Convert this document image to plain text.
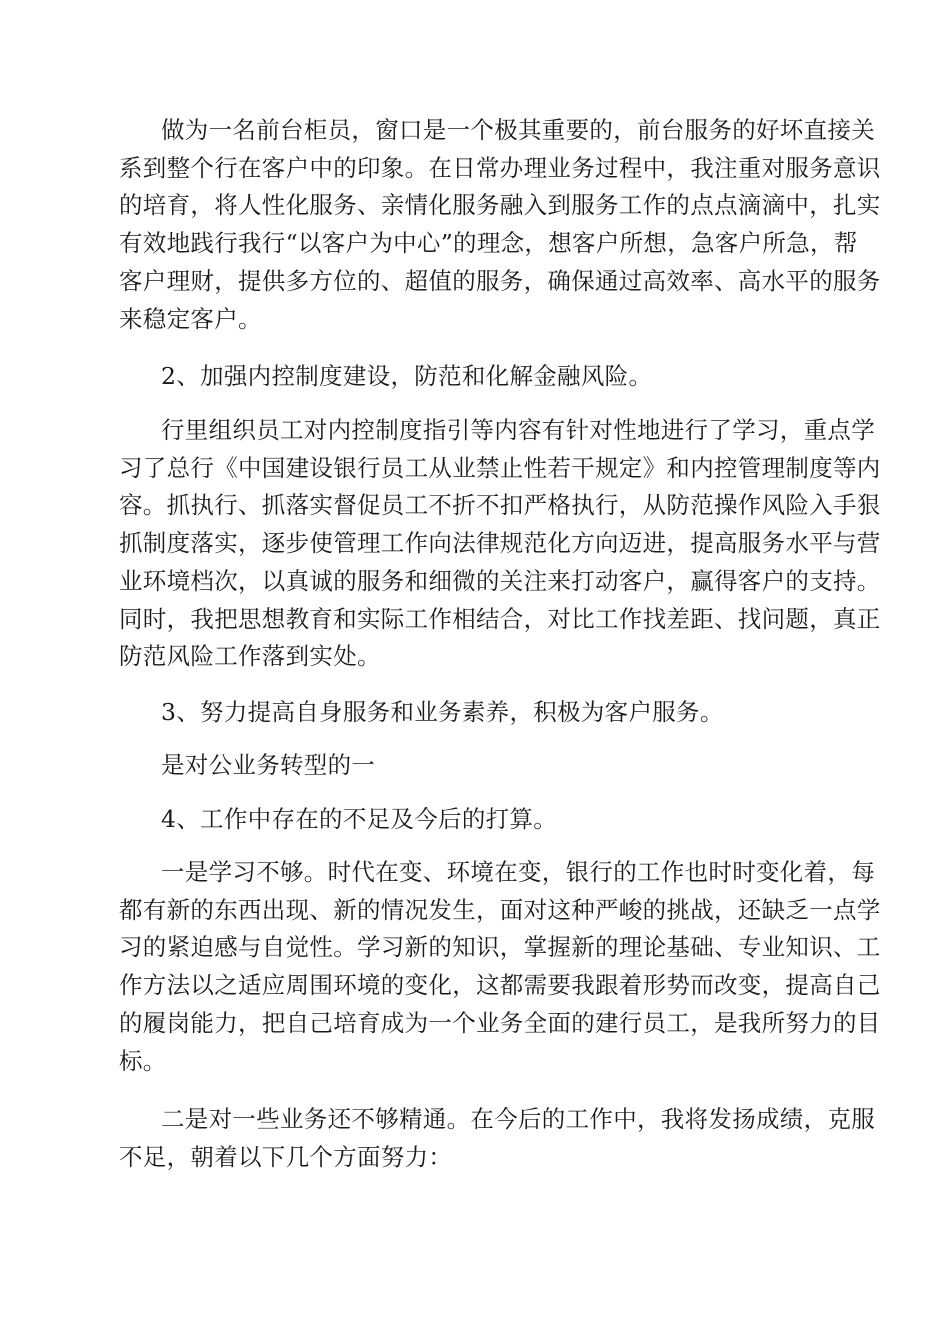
做为一名前台柜员，窗口是一个极其重要的，前台服务的好坏直接关
系到整个行在客户中的印象。在日常办理业务过程中，我注重对服务意识
的培育，将人性化服务、亲情化服务融入到服务工作的点点滴滴中，扎实
有效地践行我行“以客户为中心”的理念，想客户所想，急客户所急，帮
客户理财，提供多方位的、超值的服务，确保通过高效率、高水平的服务
来稳定客户。

2、加强内控制度建设，防范和化解金融风险。

行里组织员工对内控制度指引等内容有针对性地进行了学习，重点学
习了总行《中国建设银行员工从业禁止性若干规定》和内控管理制度等内
容。抓执行、抓落实督促员工不折不扣严格执行，从防范操作风险入手狠
抓制度落实，逐步使管理工作向法律规范化方向迈进，提高服务水平与营
业环境档次，以真诚的服务和细微的关注来打动客户，赢得客户的支持。
同时，我把思想教育和实际工作相结合，对比工作找差距、找问题，真正
防范风险工作落到实处。

3、努力提高自身服务和业务素养，积极为客户服务。

是对公业务转型的一

4、工作中存在的不足及今后的打算。

一是学习不够。时代在变、环境在变，银行的工作也时时变化着，每
都有新的东西出现、新的情况发生，面对这种严峻的挑战，还缺乏一点学
习的紧迫感与自觉性。学习新的知识，掌握新的理论基础、专业知识、工
作方法以之适应周围环境的变化，这都需要我跟着形势而改变，提高自己
的履岗能力，把自己培育成为一个业务全面的建行员工，是我所努力的目
标。

二是对一些业务还不够精通。在今后的工作中，我将发扬成绩，克服
不足，朝着以下几个方面努力：
